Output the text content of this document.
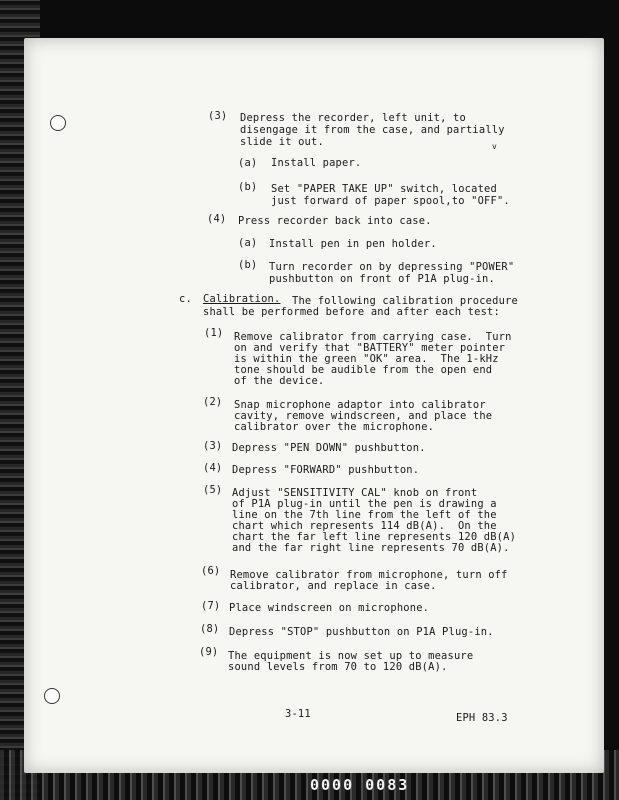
(3) Depress the recorder, left unit, to
disengage it from the case, and partially
slide it out.	v
(a) Install paper.
(b) Set "PAPER TAKE UP" switch, located
just forward of paper spool,to "OFF".
(4) Press recorder back into case.
(a) Install pen in pen holder.
(b) Turn recorder on by depressing "POWER"
pushbutton on front of P1A plug-in.
c. Calibration. The following calibration procedure
shall be performed before and after each test:
(1) Remove calibrator from carrying case.  Turn
on and verify that "BATTERY" meter pointer
is within the green "OK" area.  The 1-kHz
tone should be audible from the open end
of the device.
(2) Snap microphone adaptor into calibrator
cavity, remove windscreen, and place the
calibrator over the microphone.
(3) Depress "PEN DOWN" pushbutton.
(4) Depress "FORWARD" pushbutton.
(5) Adjust "SENSITIVITY CAL" knob on front
of P1A plug-in until the pen is drawing a
line on the 7th line from the left of the
chart which represents 114 dB(A).  On the
chart the far left line represents 120 dB(A)
and the far right line represents 70 dB(A).
(6) Remove calibrator from microphone, turn off
calibrator, and replace in case.
(7) Place windscreen on microphone.
(8) Depress "STOP" pushbutton on P1A Plug-in.
(9) The equipment is now set up to measure
sound levels from 70 to 120 dB(A).
3-11	EPH 83.3
0000 0083
